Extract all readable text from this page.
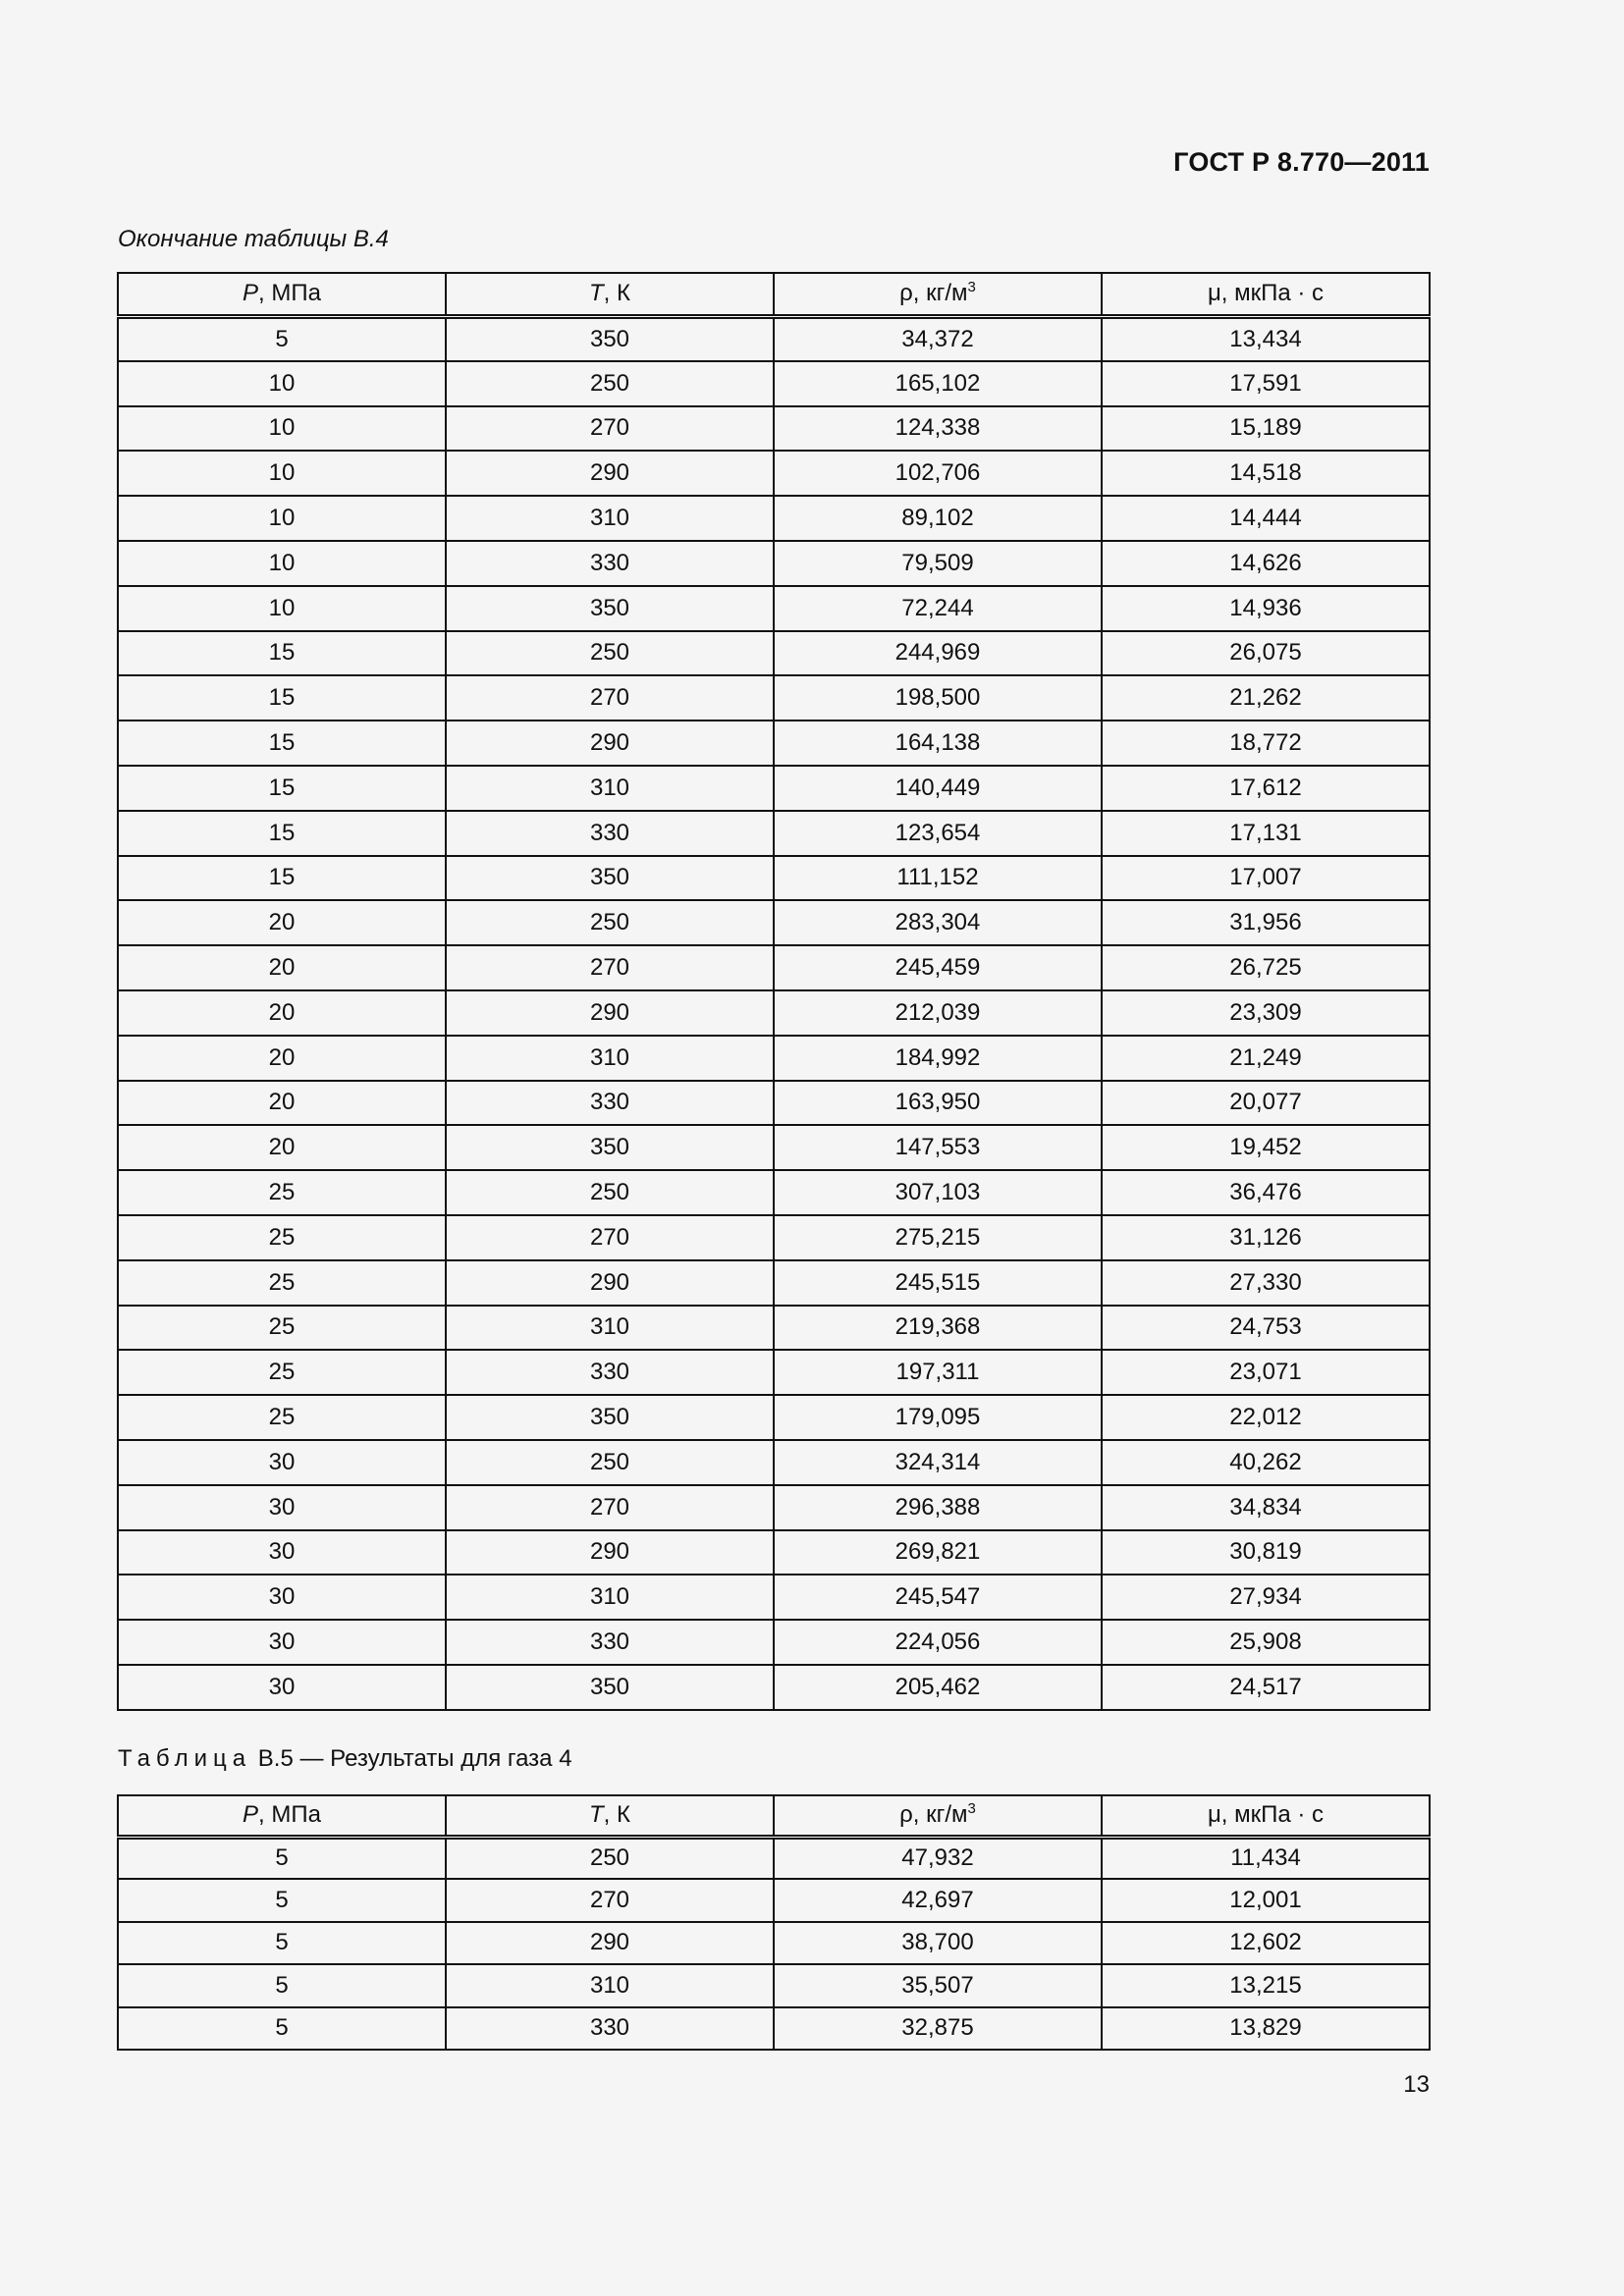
ГОСТ Р 8.770—2011
Окончание таблицы В.4
P, МПа	T, К	ρ, $кг/м^3$	μ, мкПа · с
5	350	34,372	13,434
10	250	165,102	17,591
10	270	124,338	15,189
10	290	102,706	14,518
10	310	89,102	14,444
10	330	79,509	14,626
10	350	72,244	14,936
15	250	244,969	26,075
15	270	198,500	21,262
15	290	164,138	18,772
15	310	140,449	17,612
15	330	123,654	17,131
15	350	111,152	17,007
20	250	283,304	31,956
20	270	245,459	26,725
20	290	212,039	23,309
20	310	184,992	21,249
20	330	163,950	20,077
20	350	147,553	19,452
25	250	307,103	36,476
25	270	275,215	31,126
25	290	245,515	27,330
25	310	219,368	24,753
25	330	197,311	23,071
25	350	179,095	22,012
30	250	324,314	40,262
30	270	296,388	34,834
30	290	269,821	30,819
30	310	245,547	27,934
30	330	224,056	25,908
30	350	205,462	24,517
Таблица В.5 — Результаты для газа 4
P, МПа	T, К	ρ, $кг/м^3$	μ, мкПа · с
5	250	47,932	11,434
5	270	42,697	12,001
5	290	38,700	12,602
5	310	35,507	13,215
5	330	32,875	13,829
13
